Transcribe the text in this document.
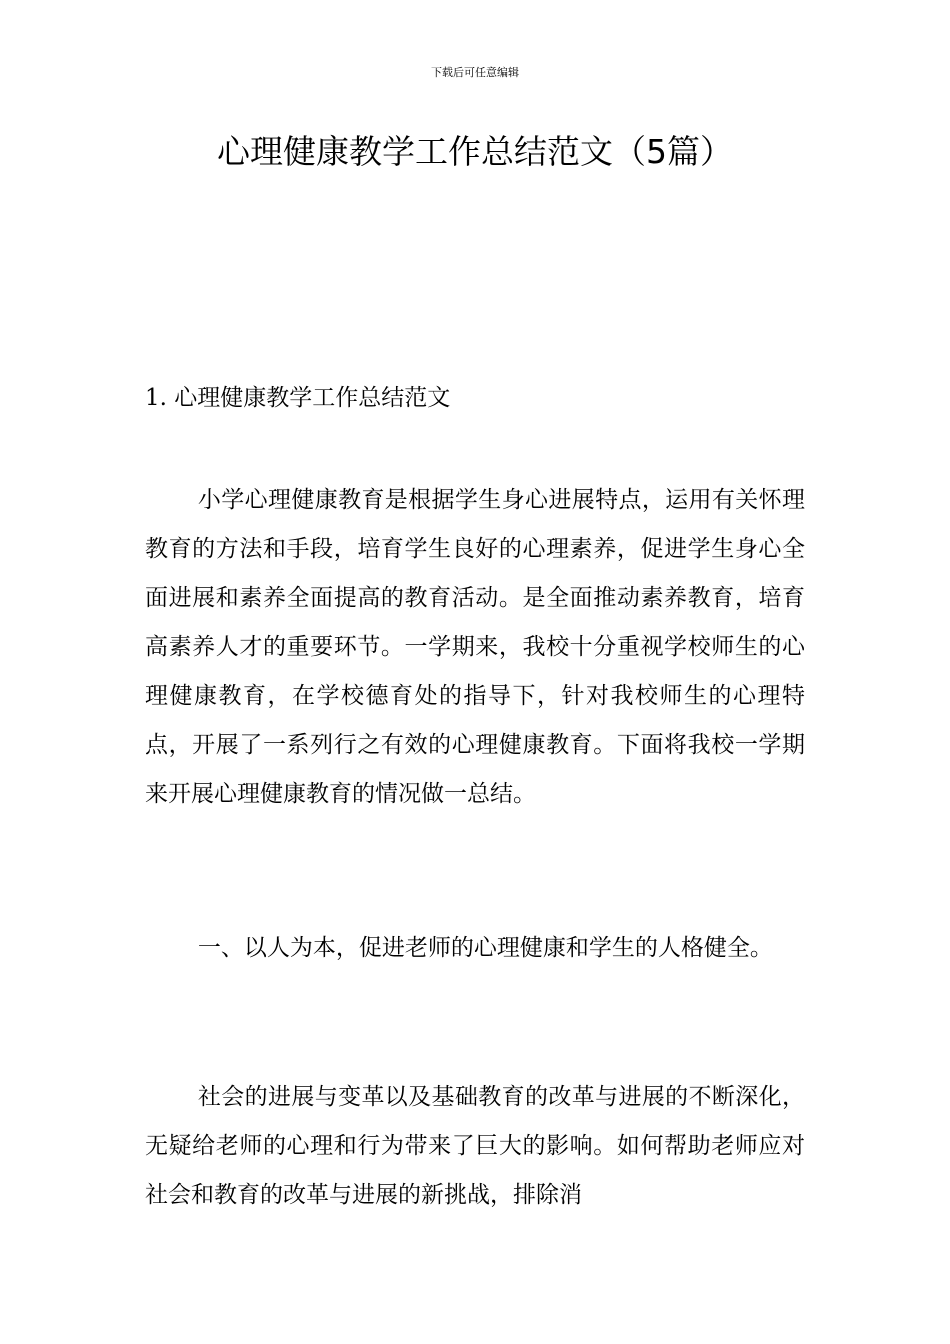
下载后可任意编辑
心理健康教学工作总结范文（5篇）
1. 心理健康教学工作总结范文

小学心理健康教育是根据学生身心进展特点，运用有关怀理教育的方法和手段，培育学生良好的心理素养，促进学生身心全面进展和素养全面提高的教育活动。是全面推动素养教育，培育高素养人才的重要环节。一学期来，我校十分重视学校师生的心理健康教育，在学校德育处的指导下，针对我校师生的心理特点，开展了一系列行之有效的心理健康教育。下面将我校一学期来开展心理健康教育的情况做一总结。

一、以人为本，促进老师的心理健康和学生的人格健全。

社会的进展与变革以及基础教育的改革与进展的不断深化，无疑给老师的心理和行为带来了巨大的影响。如何帮助老师应对社会和教育的改革与进展的新挑战，排除消
